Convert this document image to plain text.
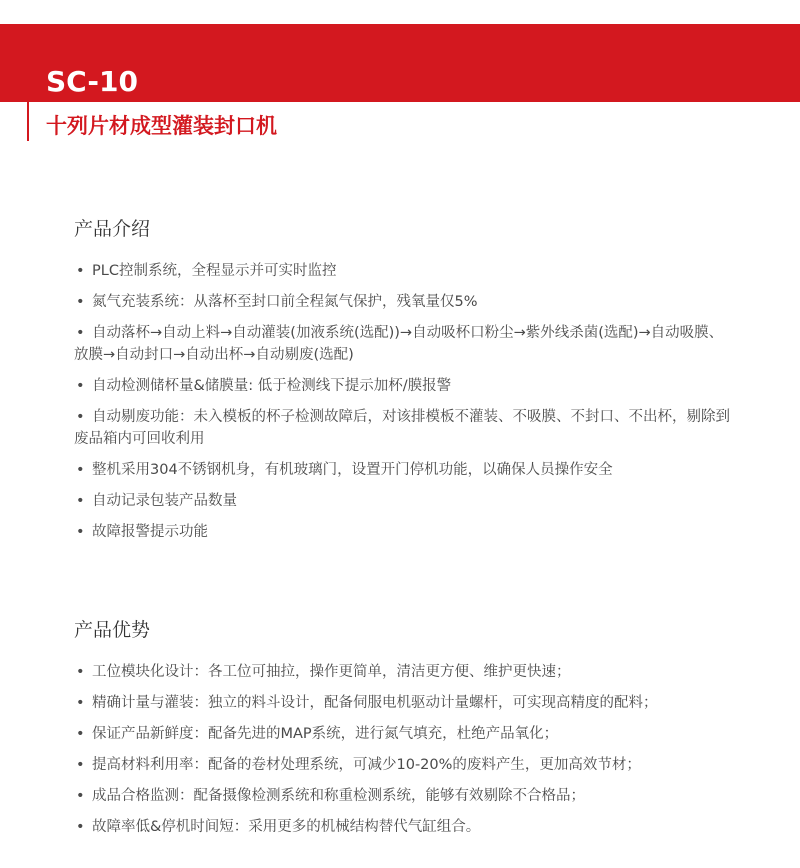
SC-10
十列片材成型灌装封口机
产品介绍
• PLC控制系统，全程显示并可实时监控
• 氮气充装系统：从落杯至封口前全程氮气保护，残氧量仅5%
• 自动落杯→自动上料→自动灌装(加液系统(选配))→自动吸杯口粉尘→紫外线杀菌(选配)→自动吸膜、放膜→自动封口→自动出杯→自动剔废(选配)
• 自动检测储杯量&储膜量: 低于检测线下提示加杯/膜报警
• 自动剔废功能：未入模板的杯子检测故障后，对该排模板不灌装、不吸膜、不封口、不出杯，剔除到废品箱内可回收利用
• 整机采用304不锈钢机身，有机玻璃门，设置开门停机功能，以确保人员操作安全
• 自动记录包装产品数量
• 故障报警提示功能
产品优势
• 工位模块化设计：各工位可抽拉，操作更简单，清洁更方便、维护更快速；
• 精确计量与灌装：独立的料斗设计，配备伺服电机驱动计量螺杆，可实现高精度的配料；
• 保证产品新鲜度：配备先进的MAP系统，进行氮气填充，杜绝产品氧化；
• 提高材料利用率：配备的卷材处理系统，可减少10-20%的废料产生，更加高效节材；
• 成品合格监测：配备摄像检测系统和称重检测系统，能够有效剔除不合格品；
• 故障率低&停机时间短：采用更多的机械结构替代气缸组合。
